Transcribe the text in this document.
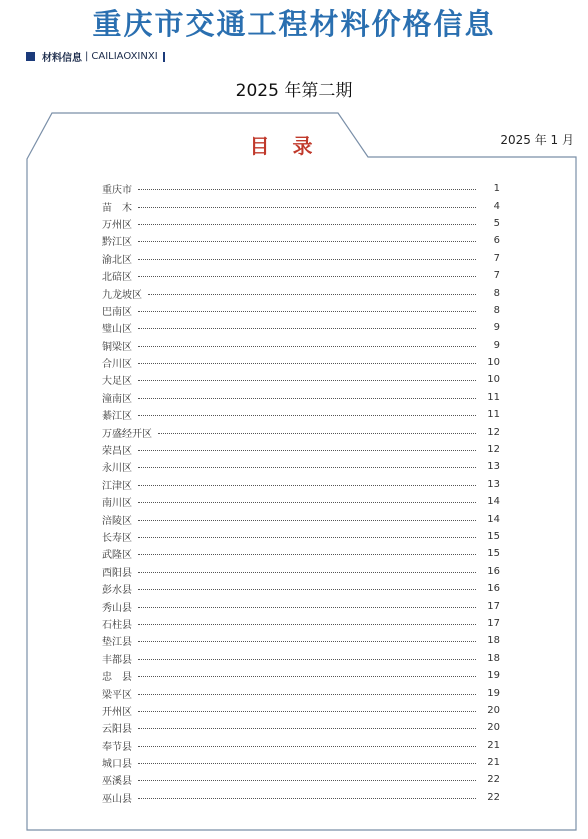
重庆市交通工程材料价格信息
材料信息 | CAILIAOXINXI
2025 年第二期
目 录	2025 年 1 月
重庆市	1
苗　木	4
万州区	5
黔江区	6
渝北区	7
北碚区	7
九龙坡区	8
巴南区	8
璧山区	9
铜梁区	9
合川区	10
大足区	10
潼南区	11
綦江区	11
万盛经开区	12
荣昌区	12
永川区	13
江津区	13
南川区	14
涪陵区	14
长寿区	15
武隆区	15
酉阳县	16
彭水县	16
秀山县	17
石柱县	17
垫江县	18
丰都县	18
忠　县	19
梁平区	19
开州区	20
云阳县	20
奉节县	21
城口县	21
巫溪县	22
巫山县	22
